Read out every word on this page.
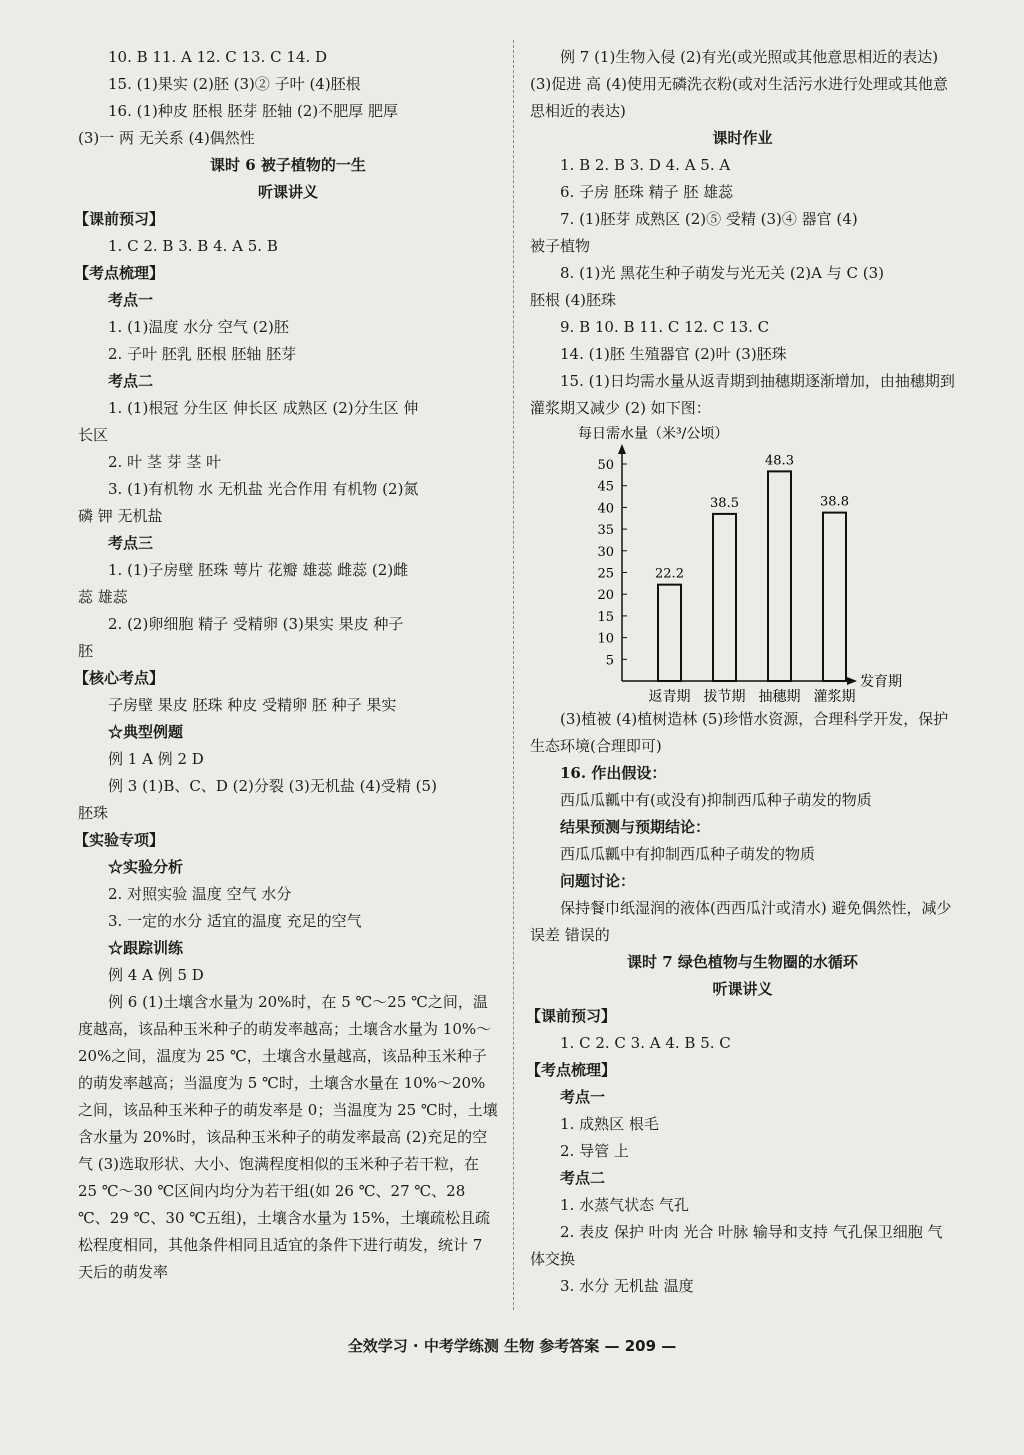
10. B 11. A 12. C 13. C 14. D

15. (1)果实 (2)胚 (3)② 子叶 (4)胚根

16. (1)种皮 胚根 胚芽 胚轴 (2)不肥厚 肥厚

(3)一 两 无关系 (4)偶然性

课时 6 被子植物的一生

听课讲义

【课前预习】

1. C 2. B 3. B 4. A 5. B

【考点梳理】

考点一

1. (1)温度 水分 空气 (2)胚

2. 子叶 胚乳 胚根 胚轴 胚芽

考点二

1. (1)根冠 分生区 伸长区 成熟区 (2)分生区 伸

长区

2. 叶 茎 芽 茎 叶

3. (1)有机物 水 无机盐 光合作用 有机物 (2)氮

磷 钾 无机盐

考点三

1. (1)子房壁 胚珠 萼片 花瓣 雄蕊 雌蕊 (2)雌

蕊 雄蕊

2. (2)卵细胞 精子 受精卵 (3)果实 果皮 种子

胚

【核心考点】

子房壁 果皮 胚珠 种皮 受精卵 胚 种子 果实

☆典型例题

例 1 A 例 2 D

例 3 (1)B、C、D (2)分裂 (3)无机盐 (4)受精 (5)

胚珠

【实验专项】

☆实验分析

2. 对照实验 温度 空气 水分

3. 一定的水分 适宜的温度 充足的空气

☆跟踪训练

例 4 A 例 5 D

例 6 (1)土壤含水量为 20%时，在 5 ℃～25 ℃之间，温度越高，该品种玉米种子的萌发率越高；土壤含水量为 10%～20%之间，温度为 25 ℃，土壤含水量越高，该品种玉米种子的萌发率越高；当温度为 5 ℃时，土壤含水量在 10%～20%之间，该品种玉米种子的萌发率是 0；当温度为 25 ℃时，土壤含水量为 20%时，该品种玉米种子的萌发率最高 (2)充足的空气 (3)选取形状、大小、饱满程度相似的玉米种子若干粒，在 25 ℃～30 ℃区间内均分为若干组(如 26 ℃、27 ℃、28 ℃、29 ℃、30 ℃五组)，土壤含水量为 15%，土壤疏松且疏松程度相同，其他条件相同且适宜的条件下进行萌发，统计 7 天后的萌发率

例 7 (1)生物入侵 (2)有光(或光照或其他意思相近的表达) (3)促进 高 (4)使用无磷洗衣粉(或对生活污水进行处理或其他意思相近的表达)

课时作业

1. B 2. B 3. D 4. A 5. A

6. 子房 胚珠 精子 胚 雄蕊

7. (1)胚芽 成熟区 (2)⑤ 受精 (3)④ 器官 (4)

被子植物

8. (1)光 黑花生种子萌发与光无关 (2)A 与 C (3)

胚根 (4)胚珠

9. B 10. B 11. C 12. C 13. C

14. (1)胚 生殖器官 (2)叶 (3)胚珠

15. (1)日均需水量从返青期到抽穗期逐渐增加，由抽穗期到灌浆期又减少 (2) 如下图：

每日需水量（米³/公顷）
发育期
5
10
15
20
25
30
35
40
45
50
22.2
返青期
38.5
拔节期
48.3
抽穗期
38.8
灌浆期

(3)植被 (4)植树造林 (5)珍惜水资源，合理科学开发，保护生态环境(合理即可)

16. 作出假设：

西瓜瓜瓤中有(或没有)抑制西瓜种子萌发的物质

结果预测与预期结论：

西瓜瓜瓤中有抑制西瓜种子萌发的物质

问题讨论：

保持餐巾纸湿润的液体(西西瓜汁或清水) 避免偶然性，减少误差 错误的

课时 7 绿色植物与生物圈的水循环

听课讲义

【课前预习】

1. C 2. C 3. A 4. B 5. C

【考点梳理】

考点一

1. 成熟区 根毛

2. 导管 上

考点二

1. 水蒸气状态 气孔

2. 表皮 保护 叶肉 光合 叶脉 输导和支持 气孔保卫细胞 气体交换

3. 水分 无机盐 温度

全效学习 · 中考学练测 生物 参考答案 — 209 —
